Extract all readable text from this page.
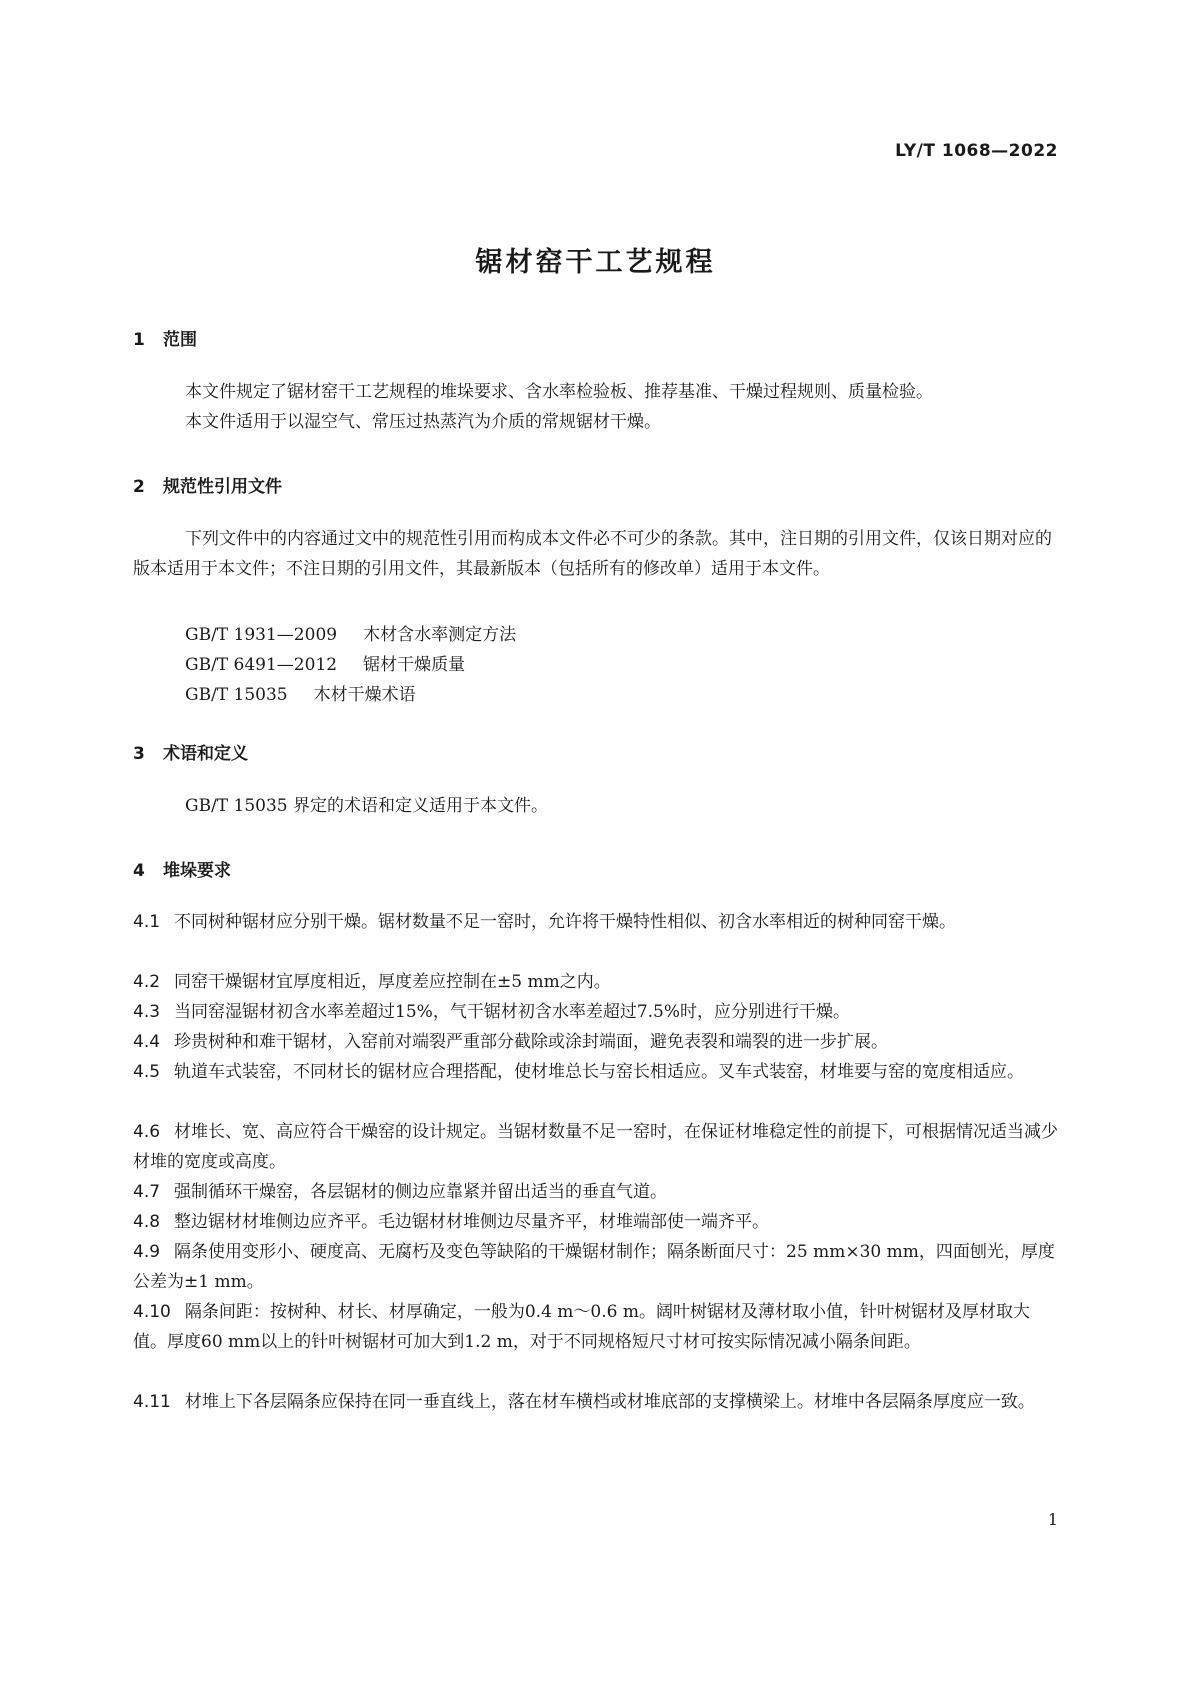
LY/T 1068—2022
锯材窑干工艺规程
1 范围
本文件规定了锯材窑干工艺规程的堆垛要求、含水率检验板、推荐基准、干燥过程规则、质量检验。
本文件适用于以湿空气、常压过热蒸汽为介质的常规锯材干燥。
2 规范性引用文件
下列文件中的内容通过文中的规范性引用而构成本文件必不可少的条款。其中，注日期的引用文件，仅该日期对应的版本适用于本文件；不注日期的引用文件，其最新版本（包括所有的修改单）适用于本文件。
GB/T 1931—2009 木材含水率测定方法
GB/T 6491—2012 锯材干燥质量
GB/T 15035 木材干燥术语
3 术语和定义
GB/T 15035 界定的术语和定义适用于本文件。
4 堆垛要求
4.1 不同树种锯材应分别干燥。锯材数量不足一窑时，允许将干燥特性相似、初含水率相近的树种同窑干燥。
4.2 同窑干燥锯材宜厚度相近，厚度差应控制在±5 mm之内。
4.3 当同窑湿锯材初含水率差超过15%，气干锯材初含水率差超过7.5%时，应分别进行干燥。
4.4 珍贵树种和难干锯材，入窑前对端裂严重部分截除或涂封端面，避免表裂和端裂的进一步扩展。
4.5 轨道车式装窑，不同材长的锯材应合理搭配，使材堆总长与窑长相适应。叉车式装窑，材堆要与窑的宽度相适应。
4.6 材堆长、宽、高应符合干燥窑的设计规定。当锯材数量不足一窑时，在保证材堆稳定性的前提下，可根据情况适当减少材堆的宽度或高度。
4.7 强制循环干燥窑，各层锯材的侧边应靠紧并留出适当的垂直气道。
4.8 整边锯材材堆侧边应齐平。毛边锯材材堆侧边尽量齐平，材堆端部使一端齐平。
4.9 隔条使用变形小、硬度高、无腐朽及变色等缺陷的干燥锯材制作；隔条断面尺寸：25 mm×30 mm，四面刨光，厚度公差为±1 mm。
4.10 隔条间距：按树种、材长、材厚确定，一般为0.4 m～0.6 m。阔叶树锯材及薄材取小值，针叶树锯材及厚材取大值。厚度60 mm以上的针叶树锯材可加大到1.2 m，对于不同规格短尺寸材可按实际情况减小隔条间距。
4.11 材堆上下各层隔条应保持在同一垂直线上，落在材车横档或材堆底部的支撑横梁上。材堆中各层隔条厚度应一致。
1
